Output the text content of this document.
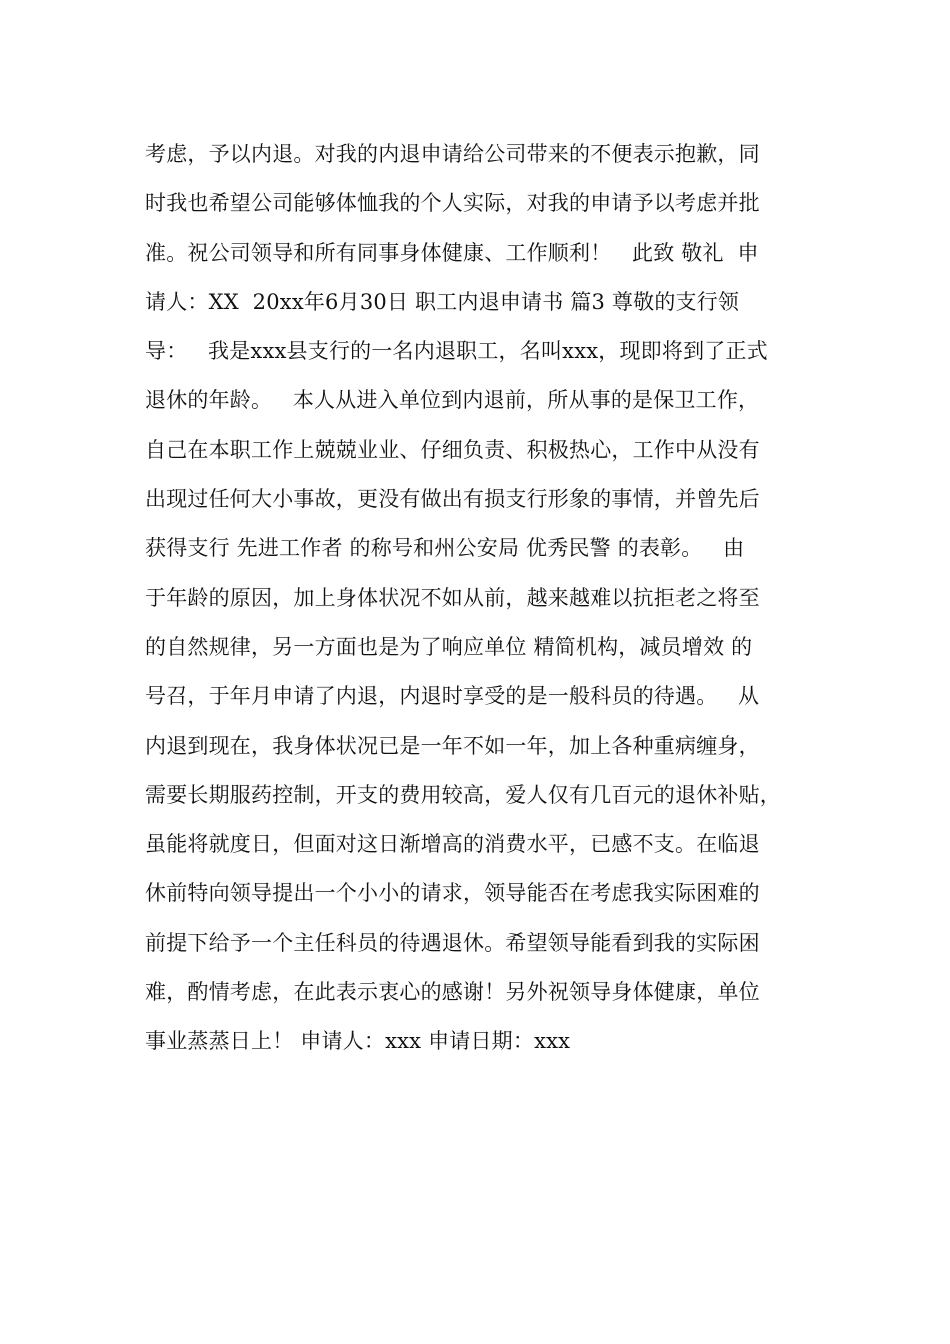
考虑，予以内退。对我的内退申请给公司带来的不便表示抱歉，同
时我也希望公司能够体恤我的个人实际，对我的申请予以考虑并批
准。祝公司领导和所有同事身体健康、工作顺利！   此致 敬礼  申
请人：XX  20xx年6月30日 职工内退申请书 篇3 尊敬的支行领
导：   我是xxx县支行的一名内退职工，名叫xxx，现即将到了正式
退休的年龄。   本人从进入单位到内退前，所从事的是保卫工作，
自己在本职工作上兢兢业业、仔细负责、积极热心，工作中从没有
出现过任何大小事故，更没有做出有损支行形象的事情，并曾先后
获得支行 先进工作者 的称号和州公安局 优秀民警 的表彰。   由
于年龄的原因，加上身体状况不如从前，越来越难以抗拒老之将至
的自然规律，另一方面也是为了响应单位 精简机构，减员增效 的
号召，于年月申请了内退，内退时享受的是一般科员的待遇。   从
内退到现在，我身体状况已是一年不如一年，加上各种重病缠身，
需要长期服药控制，开支的费用较高，爱人仅有几百元的退休补贴，
虽能将就度日，但面对这日渐增高的消费水平，已感不支。在临退
休前特向领导提出一个小小的请求，领导能否在考虑我实际困难的
前提下给予一个主任科员的待遇退休。希望领导能看到我的实际困
难，酌情考虑，在此表示衷心的感谢！另外祝领导身体健康，单位
事业蒸蒸日上！ 申请人：xxx 申请日期：xxx
